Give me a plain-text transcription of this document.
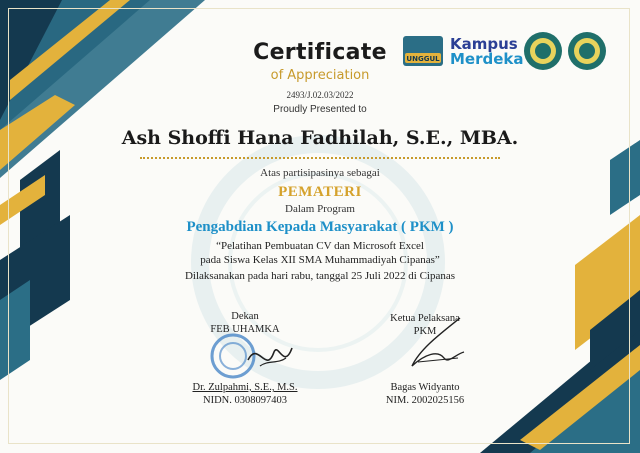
UNGGUL
Kampus
Merdeka
Certificate
of Appreciation
2493/J.02.03/2022
Proudly Presented to
Ash Shoffi Hana Fadhilah, S.E., MBA.
Atas partisipasinya sebagai
PEMATERI
Dalam Program
Pengabdian Kepada Masyarakat ( PKM )
“Pelatihan Pembuatan CV dan Microsoft Excel
pada Siswa Kelas XII SMA Muhammadiyah Cipanas”
Dilaksanakan pada hari rabu, tanggal 25 Juli 2022 di Cipanas
Dekan
FEB UHAMKA
Dr. Zulpahmi, S.E., M.S.
NIDN. 0308097403
Ketua Pelaksana
PKM
Bagas Widyanto
NIM. 2002025156
